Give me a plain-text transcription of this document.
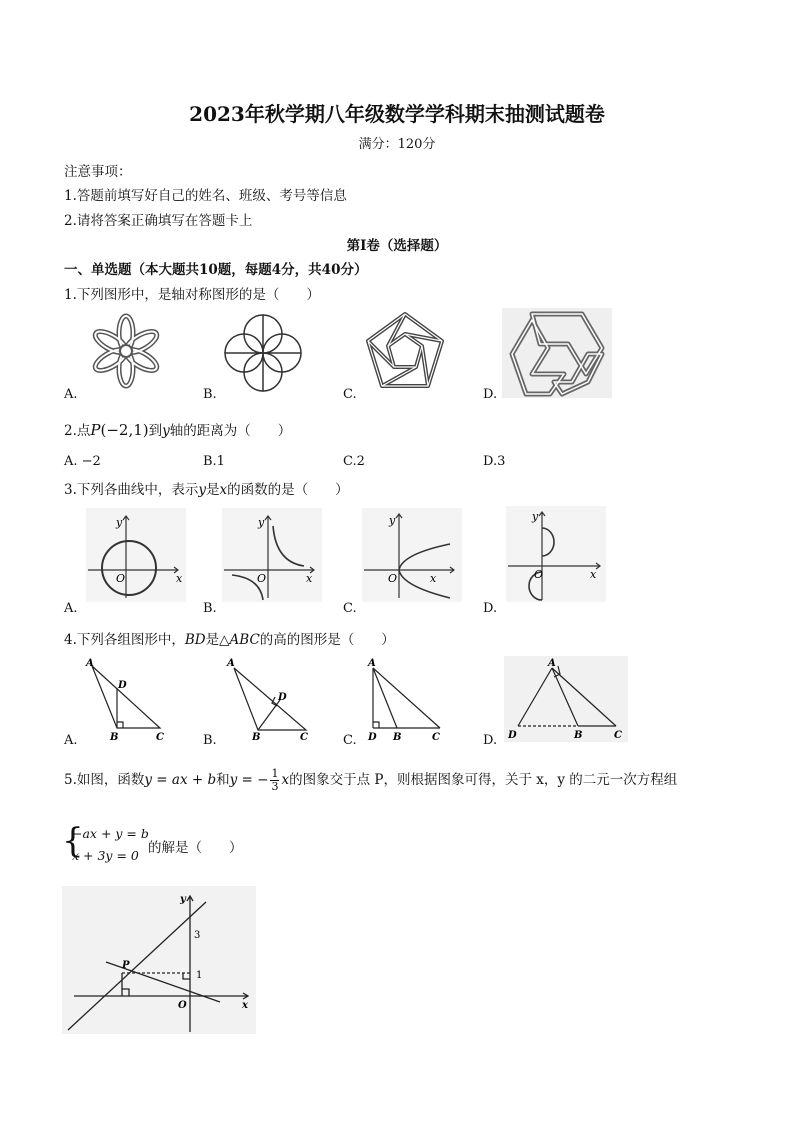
2023年秋学期八年级数学学科期末抽测试题卷
满分：120分
注意事项：
1.答题前填写好自己的姓名、班级、考号等信息
2.请将答案正确填写在答题卡上
第Ⅰ卷（选择题）
一、单选题（本大题共10题，每题4分，共40分）
1.下列图形中，是轴对称图形的是（　　）
A.	B.	C.	D.
2.点P(−2,1)到y轴的距离为（　　）
A. −2	B.1	C.2	D.3
3.下列各曲线中，表示y是x的函数的是（　　）
y
x
O
y
x
O
y
x
O
y
x
O
A.	B.	C.	D.
4.下列各组图形中，BD是△ABC的高的图形是（　　）
A
D
B	C
A
D
B	C
A
D B	C
A
D	B	C
A.	B.	C.	D.
5.如图，函数y = ax + b和y = − $\frac{1}{3}$ x的图象交于点 P，则根据图象可得，关于 x，y 的二元一次方程组
{
−ax + y = b
x + 3y = 0 的解是（　　）
y
x
O
P
3
1
